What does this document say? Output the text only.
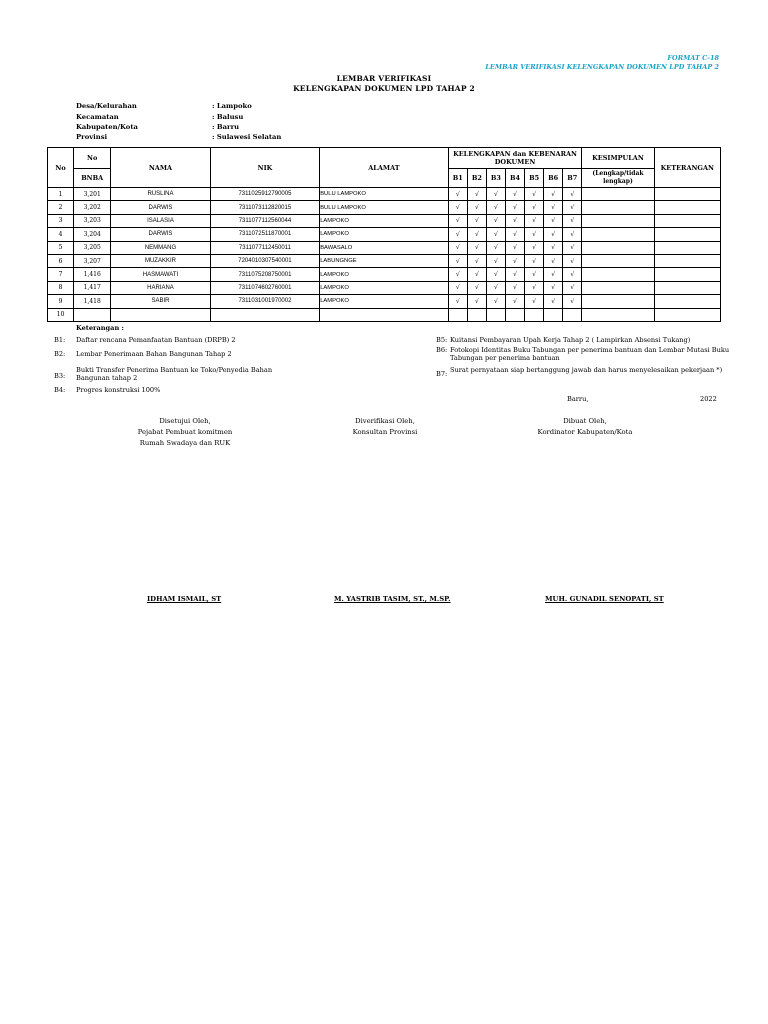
FORMAT C-18
LEMBAR VERIFIKASI KELENGKAPAN DOKUMEN LPD TAHAP 2
LEMBAR VERIFIKASI
KELENGKAPAN DOKUMEN LPD TAHAP 2
Desa/Kelurahan	: Lampoko
Kecamatan	: Balusu
Kabupaten/Kota	: Barru
Provinsi	: Sulawesi Selatan
No	No	NAMA	NIK	ALAMAT	KELENGKAPAN dan KEBENARAN DOKUMEN							KESIMPULAN	KETERANGAN
	BNBA				B1	B2	B3	B4	B5	B6	B7	(Lengkap/tidak lengkap)	
1	3,201	RUSLINA	7311025912790005	BULU LAMPOKO	√	√	√	√	√	√	√		
2	3,202	DARWIS	7311073112820015	BULU LAMPOKO	√	√	√	√	√	√	√		
3	3,203	ISALASIA	7311077112560044	LAMPOKO	√	√	√	√	√	√	√		
4	3,204	DARWIS	7311072511870001	LAMPOKO	√	√	√	√	√	√	√		
5	3,205	NEMMANG	7311077112450011	BAWASALO	√	√	√	√	√	√	√		
6	3,207	MUZAKKIR	7204010307540001	LABUNGNGE	√	√	√	√	√	√	√		
7	1,416	HASMAWATI	7311075208750001	LAMPOKO	√	√	√	√	√	√	√		
8	1,417	HARIANA	7311074602760001	LAMPOKO	√	√	√	√	√	√	√		
9	1,418	SABIR	7311031001970002	LAMPOKO	√	√	√	√	√	√	√		
10													
Keterangan :
B1: Daftar rencana Pemanfaatan Bantuan (DRPB) 2
B2: Lembar Penerimaan Bahan Bangunan Tahap 2
B3:
Bukti Transfer Penerima Bantuan ke Toko/Penyedia Bahan Bangunan tahap 2
B4: Progres konstruksi 100%
B5: Kuitansi Pembayaran Upah Kerja Tahap 2 ( Lampirkan Absensi Tukang)
B6: Fotokopi Identitas Buku Tabungan per penerima bantuan dan Lembar Mutasi Buku Tabungan per penerima bantuan
B7: Surat pernyataan siap bertanggung jawab dan harus menyelesaikan pekerjaan *)
Barru,	2022
Disetujui Oleh,
Pejabat Pembuat komitmen
Rumah Swadaya dan RUK
Diverifikasi Oleh,
Konsultan Provinsi
Dibuat Oleh,
Kordinator Kabupaten/Kota
IDHAM ISMAIL, ST	M. YASTRIB TASIM, ST., M.SP.	MUH. GUNADIL SENOPATI, ST
